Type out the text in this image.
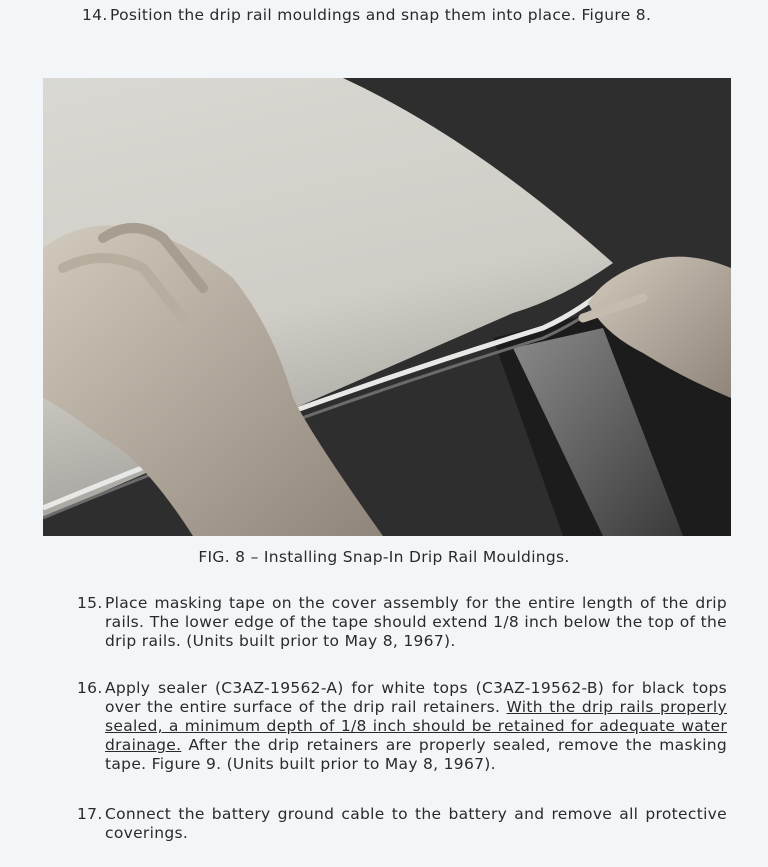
14. Position the drip rail mouldings and snap them into place. Figure 8.
FIG. 8 – Installing Snap-In Drip Rail Mouldings.
15. Place masking tape on the cover assembly for the entire length of the drip rails. The lower edge of the tape should extend 1/8 inch below the top of the drip rails. (Units built prior to May 8, 1967).
16. Apply sealer (C3AZ-19562-A) for white tops (C3AZ-19562-B) for black tops over the entire surface of the drip rail retainers. With the drip rails properly sealed, a minimum depth of 1/8 inch should be retained for adequate water drainage. After the drip retainers are properly sealed, remove the masking tape. Figure 9. (Units built prior to May 8, 1967).
17. Connect the battery ground cable to the battery and remove all protective coverings.
